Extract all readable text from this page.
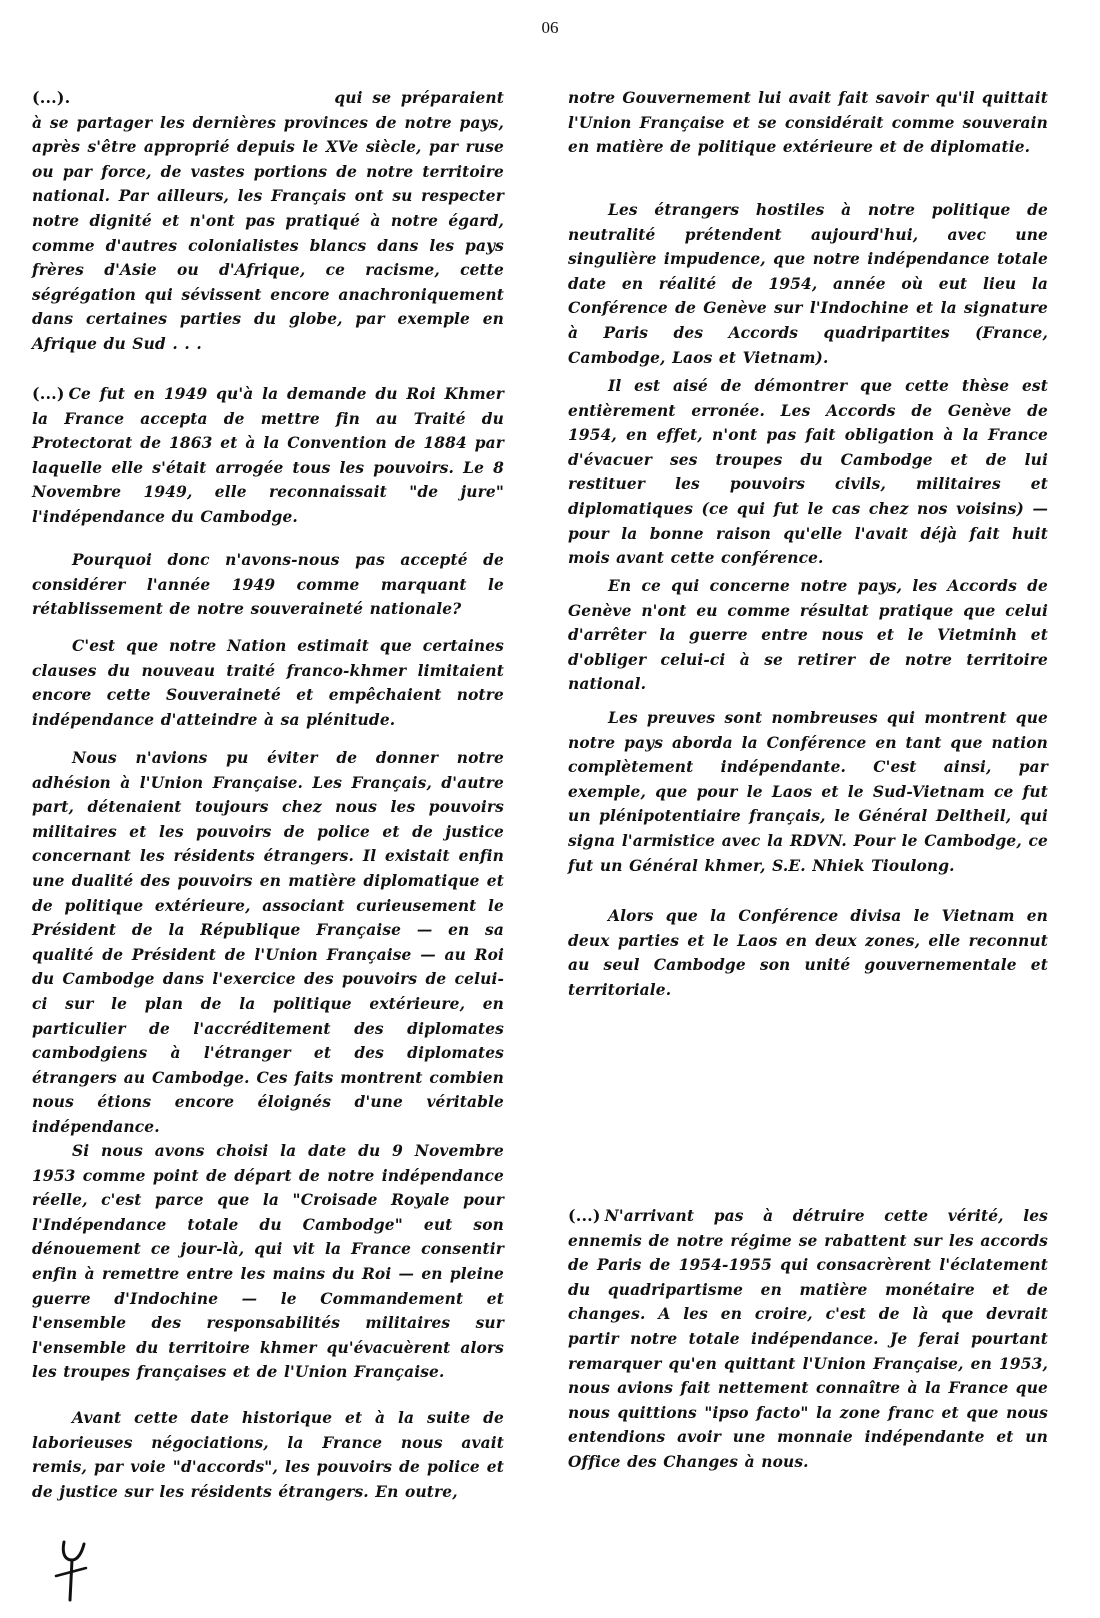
06

(...).	qui se préparaient à se partager les dernières provinces de notre pays, après s'être approprié depuis le XVe siècle, par ruse ou par force, de vastes portions de notre territoire national. Par ailleurs, les Français ont su respecter notre dignité et n'ont pas pratiqué à notre égard, comme d'autres colonialistes blancs dans les pays frères d'Asie ou d'Afrique, ce racisme, cette ségrégation qui sévissent encore anachroniquement dans certaines parties du globe, par exemple en Afrique du Sud . . .

(...) Ce fut en 1949 qu'à la demande du Roi Khmer la France accepta de mettre fin au Traité du Protectorat de 1863 et à la Convention de 1884 par laquelle elle s'était arrogée tous les pouvoirs. Le 8 Novembre 1949, elle reconnaissait "de jure" l'indépendance du Cambodge.

Pourquoi donc n'avons-nous pas accepté de considérer l'année 1949 comme marquant le rétablissement de notre souveraineté nationale?

C'est que notre Nation estimait que certaines clauses du nouveau traité franco-khmer limitaient encore cette Souveraineté et empêchaient notre indépendance d'atteindre à sa plénitude.

Nous n'avions pu éviter de donner notre adhésion à l'Union Française. Les Français, d'autre part, détenaient toujours chez nous les pouvoirs militaires et les pouvoirs de police et de justice concernant les résidents étrangers. Il existait enfin une dualité des pouvoirs en matière diplomatique et de politique extérieure, associant curieusement le Président de la République Française — en sa qualité de Président de l'Union Française — au Roi du Cambodge dans l'exercice des pouvoirs de celui-ci sur le plan de la politique extérieure, en particulier de l'accréditement des diplomates cambodgiens à l'étranger et des diplomates étrangers au Cambodge. Ces faits montrent combien nous étions encore éloignés d'une véritable indépendance.

Si nous avons choisi la date du 9 Novembre 1953 comme point de départ de notre indépendance réelle, c'est parce que la "Croisade Royale pour l'Indépendance totale du Cambodge" eut son dénouement ce jour-là, qui vit la France consentir enfin à remettre entre les mains du Roi — en pleine guerre d'Indochine — le Commandement et l'ensemble des responsabilités militaires sur l'ensemble du territoire khmer qu'évacuèrent alors les troupes françaises et de l'Union Française.

Avant cette date historique et à la suite de laborieuses négociations, la France nous avait remis, par voie "d'accords", les pouvoirs de police et de justice sur les résidents étrangers. En outre,

notre Gouvernement lui avait fait savoir qu'il quittait l'Union Française et se considérait comme souverain en matière de politique extérieure et de diplomatie.

Les étrangers hostiles à notre politique de neutralité prétendent aujourd'hui, avec une singulière impudence, que notre indépendance totale date en réalité de 1954, année où eut lieu la Conférence de Genève sur l'Indochine et la signature à Paris des Accords quadripartites (France, Cambodge, Laos et Vietnam).

Il est aisé de démontrer que cette thèse est entièrement erronée. Les Accords de Genève de 1954, en effet, n'ont pas fait obligation à la France d'évacuer ses troupes du Cambodge et de lui restituer les pouvoirs civils, militaires et diplomatiques (ce qui fut le cas chez nos voisins) — pour la bonne raison qu'elle l'avait déjà fait huit mois avant cette conférence.

En ce qui concerne notre pays, les Accords de Genève n'ont eu comme résultat pratique que celui d'arrêter la guerre entre nous et le Vietminh et d'obliger celui-ci à se retirer de notre territoire national.

Les preuves sont nombreuses qui montrent que notre pays aborda la Conférence en tant que nation complètement indépendante. C'est ainsi, par exemple, que pour le Laos et le Sud-Vietnam ce fut un plénipotentiaire français, le Général Deltheil, qui signa l'armistice avec la RDVN. Pour le Cambodge, ce fut un Général khmer, S.E. Nhiek Tioulong.

Alors que la Conférence divisa le Vietnam en deux parties et le Laos en deux zones, elle reconnut au seul Cambodge son unité gouvernementale et territoriale.

(...) N'arrivant pas à détruire cette vérité, les ennemis de notre régime se rabattent sur les accords de Paris de 1954-1955 qui consacrèrent l'éclatement du quadripartisme en matière monétaire et de changes. A les en croire, c'est de là que devrait partir notre totale indépendance. Je ferai pourtant remarquer qu'en quittant l'Union Française, en 1953, nous avions fait nettement connaître à la France que nous quittions "ipso facto" la zone franc et que nous entendions avoir une monnaie indépendante et un Office des Changes à nous.
